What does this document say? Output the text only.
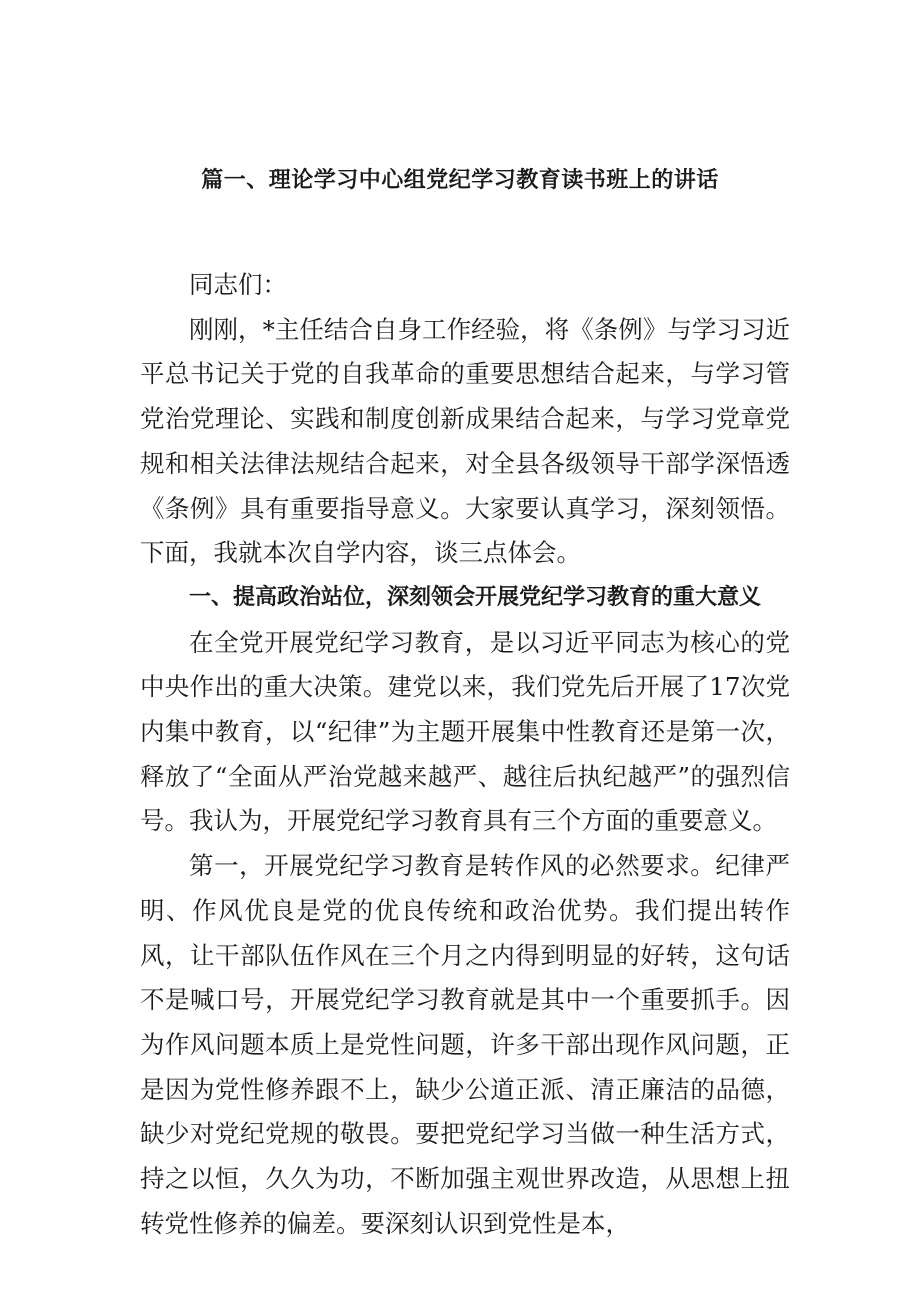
篇一、理论学习中心组党纪学习教育读书班上的讲话

同志们：

刚刚，*主任结合自身工作经验，将《条例》与学习习近平总书记关于党的自我革命的重要思想结合起来，与学习管党治党理论、实践和制度创新成果结合起来，与学习党章党规和相关法律法规结合起来，对全县各级领导干部学深悟透《条例》具有重要指导意义。大家要认真学习，深刻领悟。下面，我就本次自学内容，谈三点体会。

一、提高政治站位，深刻领会开展党纪学习教育的重大意义

在全党开展党纪学习教育，是以习近平同志为核心的党中央作出的重大决策。建党以来，我们党先后开展了17次党内集中教育，以“纪律”为主题开展集中性教育还是第一次，释放了“全面从严治党越来越严、越往后执纪越严”的强烈信号。我认为，开展党纪学习教育具有三个方面的重要意义。

第一，开展党纪学习教育是转作风的必然要求。纪律严明、作风优良是党的优良传统和政治优势。我们提出转作风，让干部队伍作风在三个月之内得到明显的好转，这句话不是喊口号，开展党纪学习教育就是其中一个重要抓手。因为作风问题本质上是党性问题，许多干部出现作风问题，正是因为党性修养跟不上，缺少公道正派、清正廉洁的品德，缺少对党纪党规的敬畏。要把党纪学习当做一种生活方式，持之以恒，久久为功，不断加强主观世界改造，从思想上扭转党性修养的偏差。要深刻认识到党性是本，
